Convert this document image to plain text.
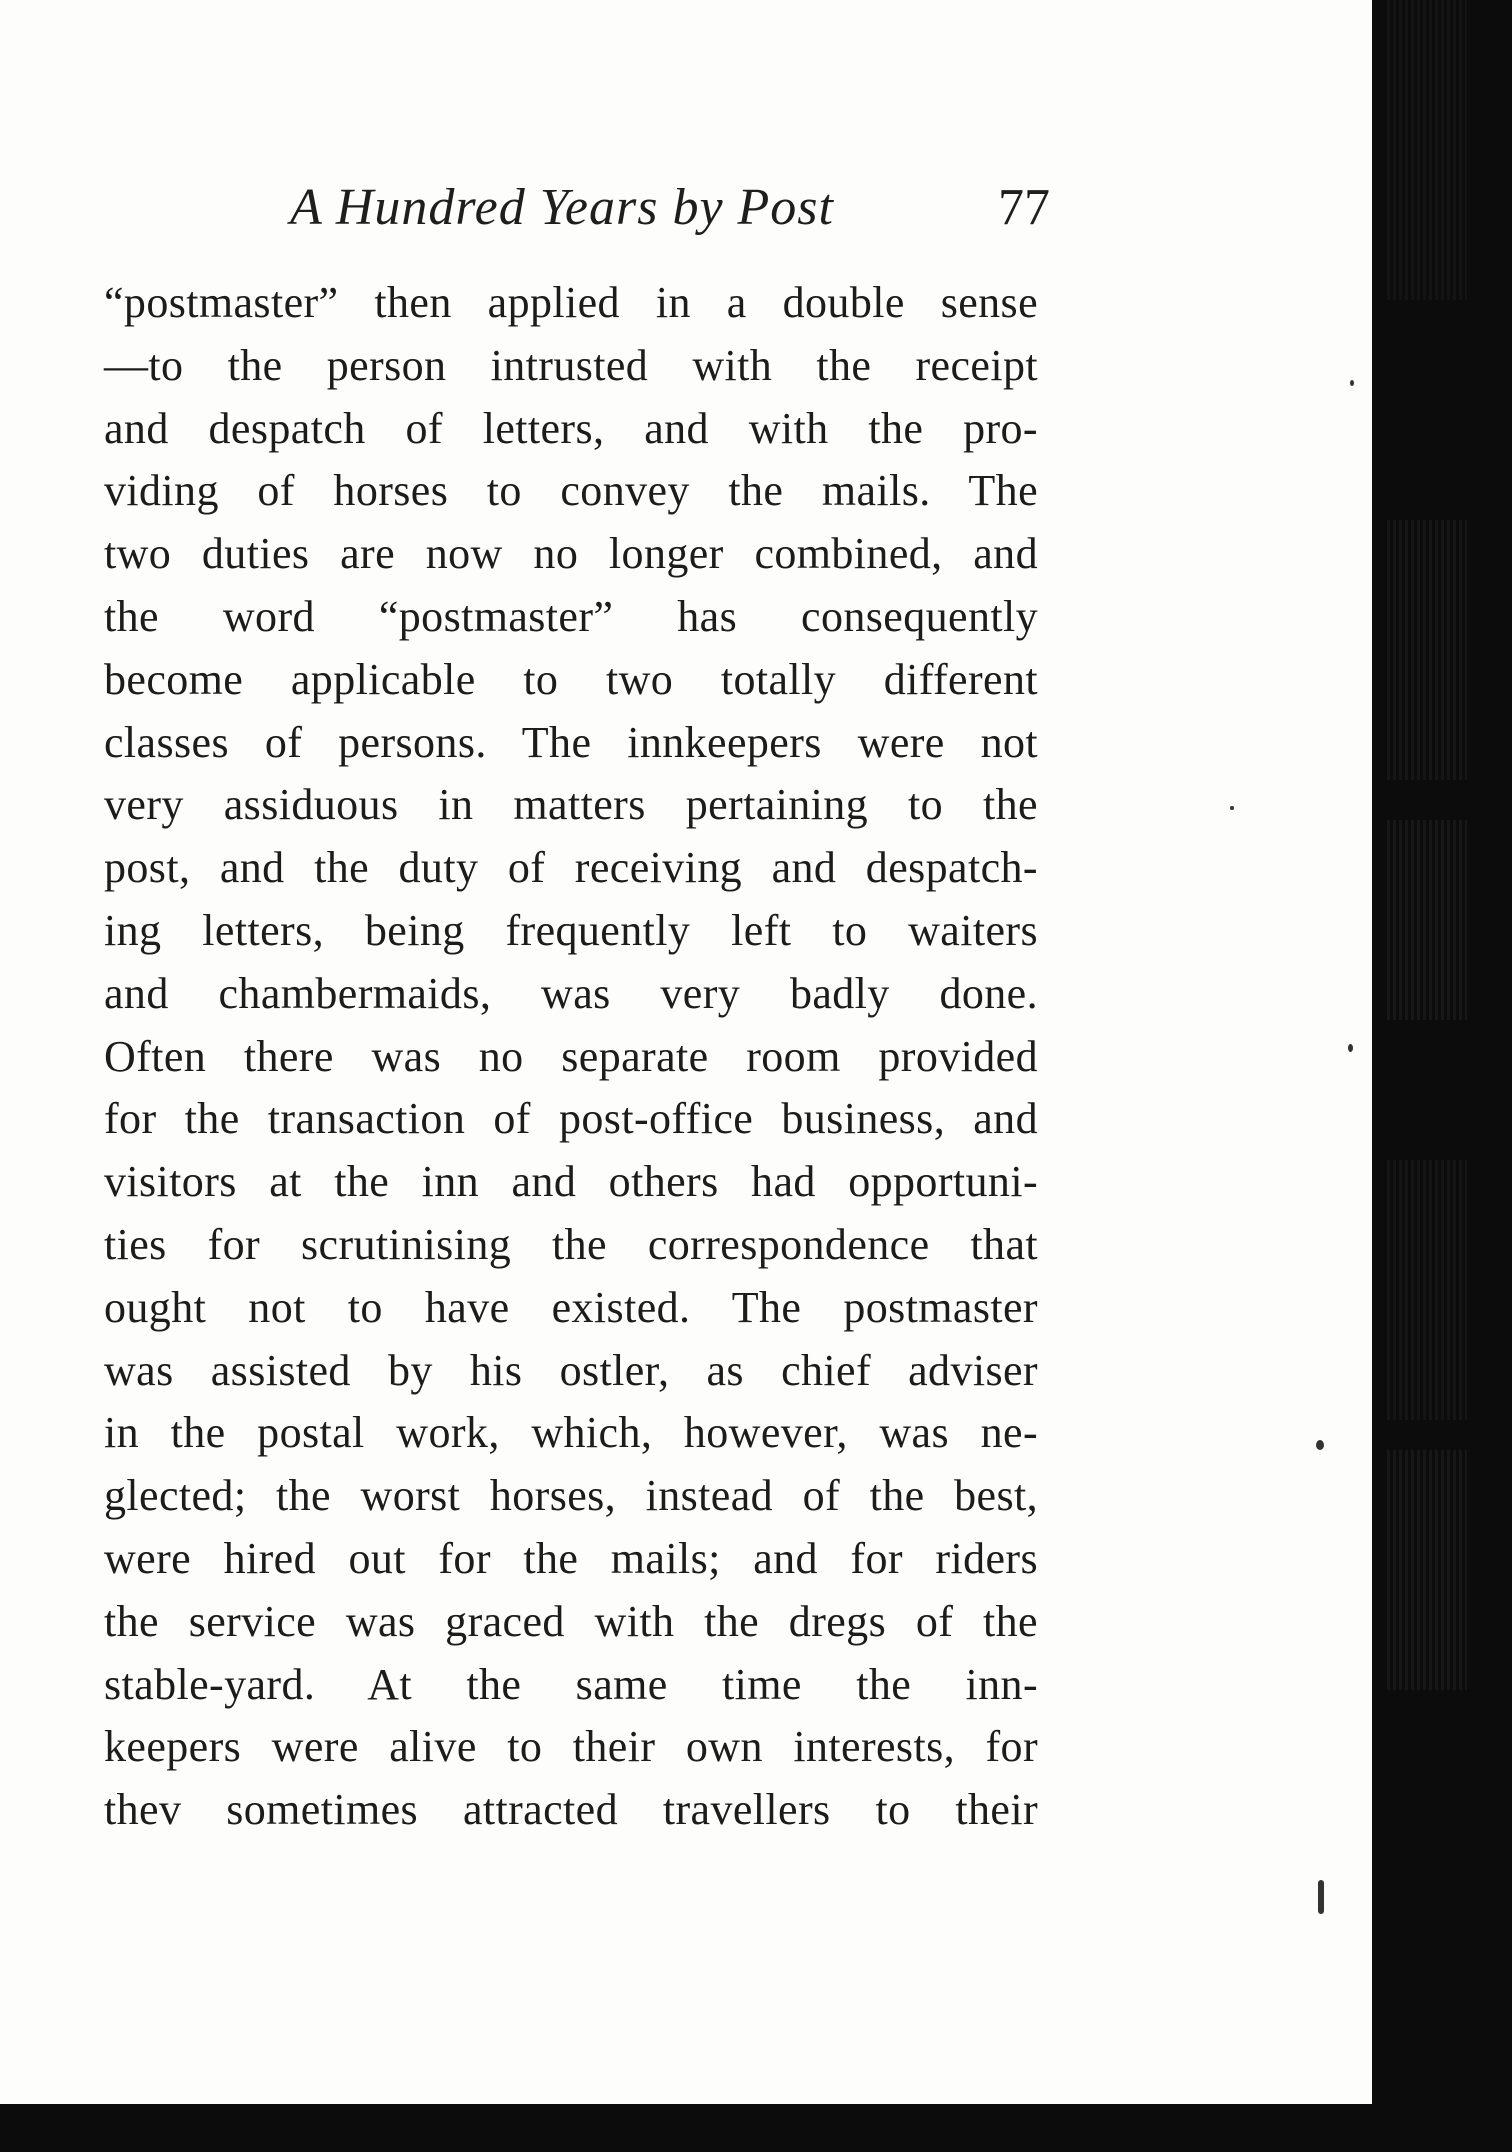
A Hundred Years by Post	77
“postmaster” then applied in a double sense
—to the person intrusted with the receipt
and despatch of letters, and with the pro-
viding of horses to convey the mails. The
two duties are now no longer combined, and
the word “postmaster” has consequently
become applicable to two totally different
classes of persons. The innkeepers were not
very assiduous in matters pertaining to the
post, and the duty of receiving and despatch-
ing letters, being frequently left to waiters
and chambermaids, was very badly done.
Often there was no separate room provided
for the transaction of post-office business, and
visitors at the inn and others had opportuni-
ties for scrutinising the correspondence that
ought not to have existed. The postmaster
was assisted by his ostler, as chief adviser
in the postal work, which, however, was ne-
glected; the worst horses, instead of the best,
were hired out for the mails; and for riders
the service was graced with the dregs of the
stable-yard. At the same time the inn-
keepers were alive to their own interests, for
thev sometimes attracted travellers to their
